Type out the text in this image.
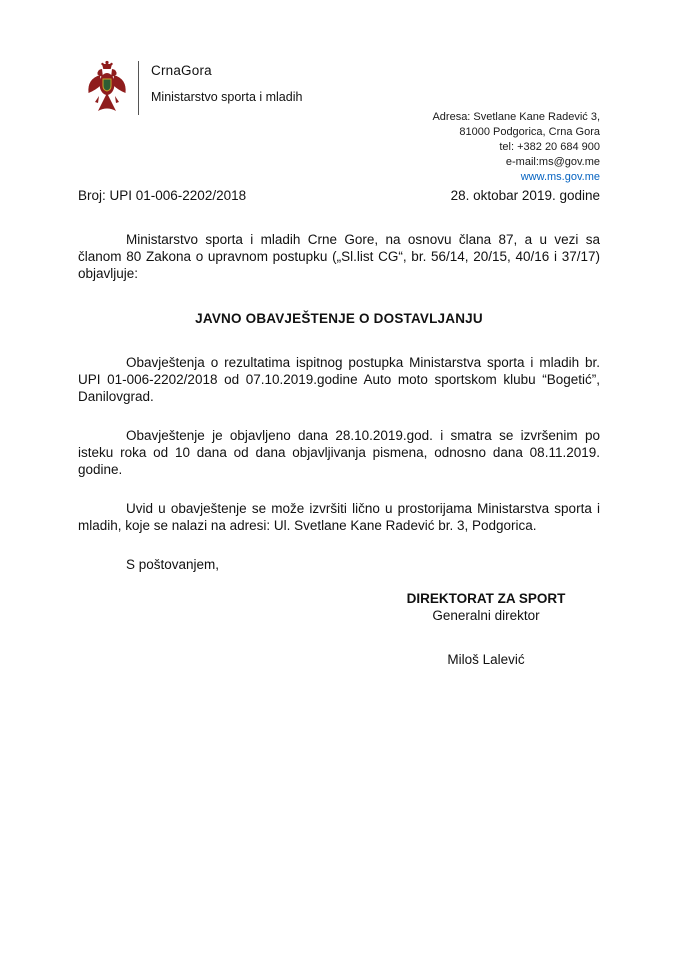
CrnaGora
Ministarstvo sporta i mladih
Adresa: Svetlane Kane Radević 3,
81000 Podgorica, Crna Gora
tel: +382 20 684 900
e-mail:ms@gov.me
www.ms.gov.me
Broj: UPI 01-006-2202/2018	28. oktobar 2019. godine

Ministarstvo sporta i mladih Crne Gore, na osnovu člana 87, a u vezi sa članom 80 Zakona o upravnom postupku („Sl.list CG“, br. 56/14, 20/15, 40/16 i 37/17) objavljuje:

JAVNO OBAVJEŠTENJE O DOSTAVLJANJU

Obavještenja o rezultatima ispitnog postupka Ministarstva sporta i mladih br. UPI 01-006-2202/2018 od 07.10.2019.godine Auto moto sportskom klubu “Bogetić”, Danilovgrad.

Obavještenje je objavljeno dana 28.10.2019.god. i smatra se izvršenim po isteku roka od 10 dana od dana objavljivanja pismena, odnosno dana 08.11.2019. godine.

Uvid u obavještenje se može izvršiti lično u prostorijama Ministarstva sporta i mladih, koje se nalazi na adresi: Ul. Svetlane Kane Radević br. 3, Podgorica.

S poštovanjem,

DIREKTORAT ZA SPORT
Generalni direktor
Miloš Lalević
